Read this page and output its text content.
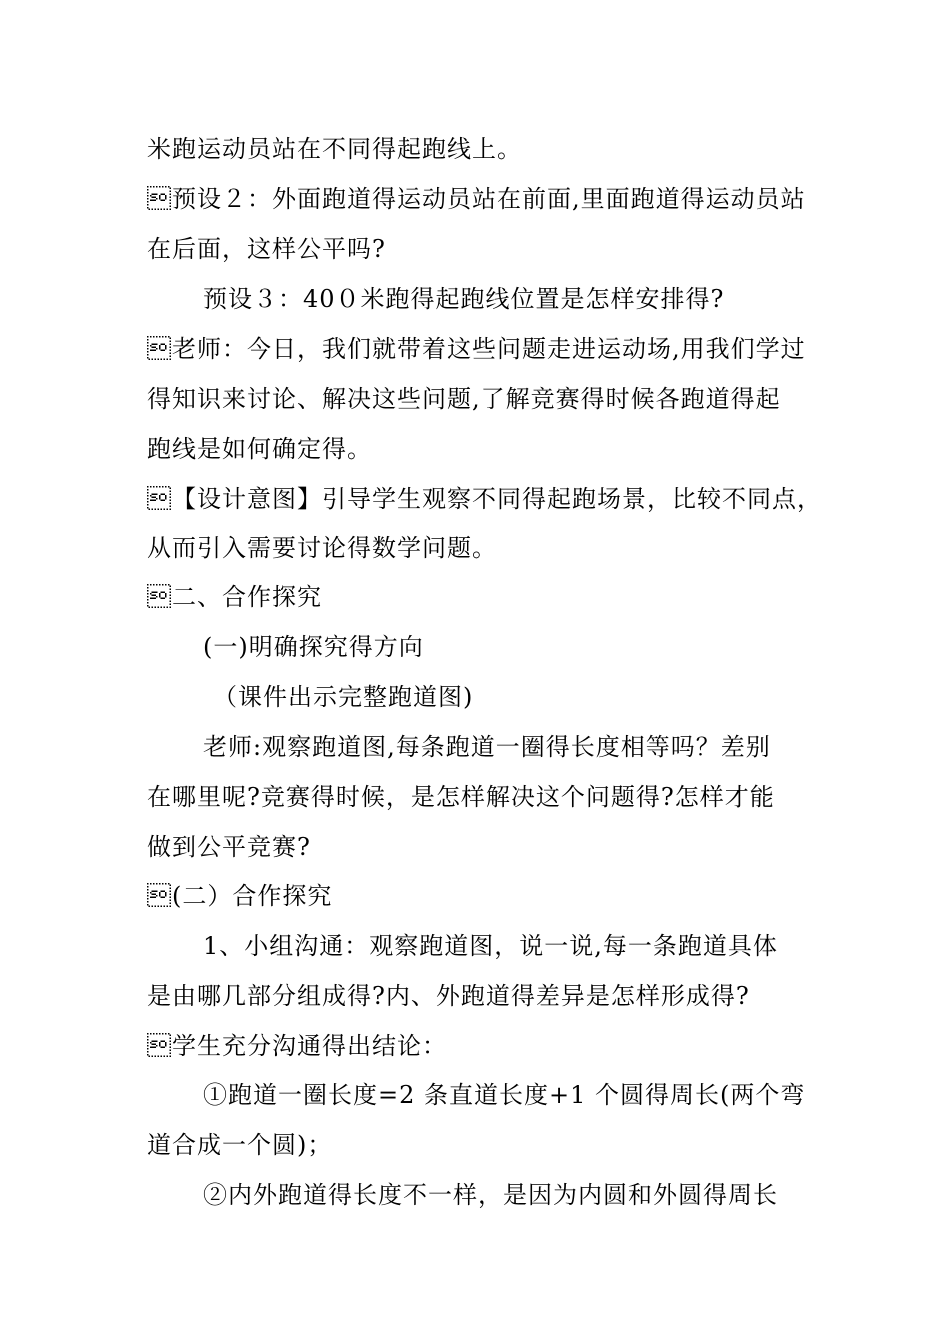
米跑运动员站在不同得起跑线上。
预设２：外面跑道得运动员站在前面,里面跑道得运动员站
在后面，这样公平吗?
预设３：40０米跑得起跑线位置是怎样安排得?
老师：今日，我们就带着这些问题走进运动场,用我们学过
得知识来讨论、解决这些问题,了解竞赛得时候各跑道得起
跑线是如何确定得。
【设计意图】引导学生观察不同得起跑场景，比较不同点，
从而引入需要讨论得数学问题。
二、合作探究
(一)明确探究得方向
（课件出示完整跑道图)
老师:观察跑道图,每条跑道一圈得长度相等吗？差别
在哪里呢?竞赛得时候，是怎样解决这个问题得?怎样才能
做到公平竞赛?
(二）合作探究
1、小组沟通：观察跑道图，说一说,每一条跑道具体
是由哪几部分组成得?内、外跑道得差异是怎样形成得?
学生充分沟通得出结论：
①跑道一圈长度=2 条直道长度+1 个圆得周长(两个弯
道合成一个圆)；
②内外跑道得长度不一样，是因为内圆和外圆得周长
